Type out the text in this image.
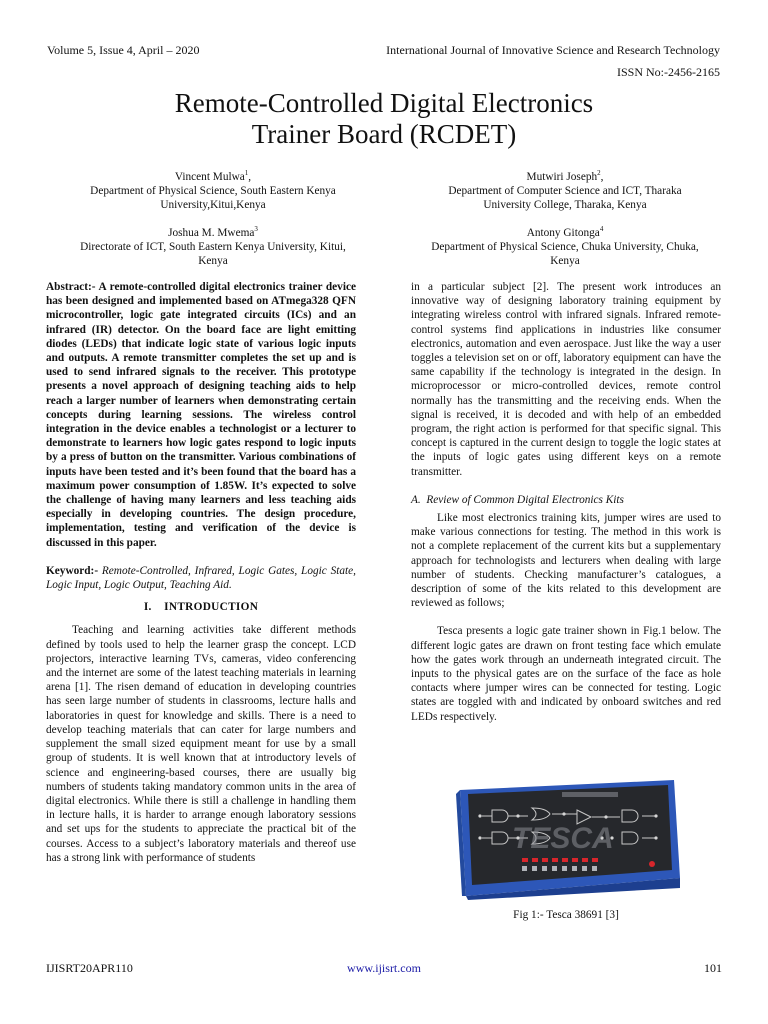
Volume 5, Issue 4, April – 2020	International Journal of Innovative Science and Research Technology
ISSN No:-2456-2165
Remote-Controlled Digital Electronics
Trainer Board (RCDET)
Vincent Mulwa$^1$,
Department of Physical Science, South Eastern Kenya
University,Kitui,Kenya
Mutwiri Joseph$^2$,
Department of Computer Science and ICT, Tharaka
University College, Tharaka, Kenya
Joshua M. Mwema$^3$
Directorate of ICT, South Eastern Kenya University, Kitui,
Kenya
Antony Gitonga$^4$
Department of Physical Science, Chuka University, Chuka,
Kenya

Abstract:- A remote-controlled digital electronics trainer device has been designed and implemented based on ATmega328 QFN microcontroller, logic gate integrated circuits (ICs) and an infrared (IR) detector. On the board face are light emitting diodes (LEDs) that indicate logic state of various logic inputs and outputs. A remote transmitter completes the set up and is used to send infrared signals to the receiver. This prototype presents a novel approach of designing teaching aids to help reach a larger number of learners when demonstrating certain concepts during learning sessions. The wireless control integration in the device enables a technologist or a lecturer to demonstrate to learners how logic gates respond to logic inputs by a press of button on the transmitter. Various combinations of inputs have been tested and it’s been found that the board has a maximum power consumption of 1.85W. It’s expected to solve the challenge of having many learners and less teaching aids especially in developing countries. The design procedure, implementation, testing and verification of the device is discussed in this paper.

Keyword:- Remote-Controlled, Infrared, Logic Gates, Logic State, Logic Input, Logic Output, Teaching Aid.

I.    INTRODUCTION

Teaching and learning activities take different methods defined by tools used to help the learner grasp the concept. LCD projectors, interactive learning TVs, cameras, video conferencing and the internet are some of the latest teaching materials in learning arena [1]. The risen demand of education in developing countries has seen large number of students in classrooms, lecture halls and laboratories in quest for knowledge and skills. There is a need to develop teaching materials that can cater for large numbers and supplement the small sized equipment meant for use by a small group of students. It is well known that at introductory levels of science and engineering-based courses, there are usually big numbers of students taking mandatory common units in the area of digital electronics. While there is still a challenge in handling them in lecture halls, it is harder to arrange enough laboratory sessions and set ups for the students to appreciate the practical bit of the courses. Access to a subject’s laboratory materials and thereof use has a strong link with performance of students

in a particular subject [2]. The present work introduces an innovative way of designing laboratory training equipment by integrating wireless control with infrared signals. Infrared remote-control systems find applications in industries like consumer electronics, automation and even aerospace. Just like the way a user toggles a television set on or off, laboratory equipment can have the same capability if the technology is integrated in the design. In microprocessor or micro-controlled devices, remote control normally has the transmitting and the receiving ends. When the signal is received, it is decoded and with help of an embedded program, the right action is performed for that specific signal. This concept is captured in the current design to toggle the logic states at the inputs of logic gates using different keys on a remote transmitter.

A.  Review of Common Digital Electronics Kits

Like most electronics training kits, jumper wires are used to make various connections for testing. The method in this work is not a complete replacement of the current kits but a supplementary approach for technologists and lecturers when dealing with large number of students. Checking manufacturer’s catalogues, a description of some of the kits related to this development are reviewed as follows;

Tesca presents a logic gate trainer shown in Fig.1 below. The different logic gates are drawn on front testing face which emulate how the gates work through an underneath integrated circuit. The inputs to the physical gates are on the surface of the face as hole contacts where jumper wires can be connected for testing. Logic states are toggled with and indicated by onboard switches and red LEDs respectively.

TESCA
Fig 1:- Tesca 38691 [3]
IJISRT20APR110	www.ijisrt.com	101
